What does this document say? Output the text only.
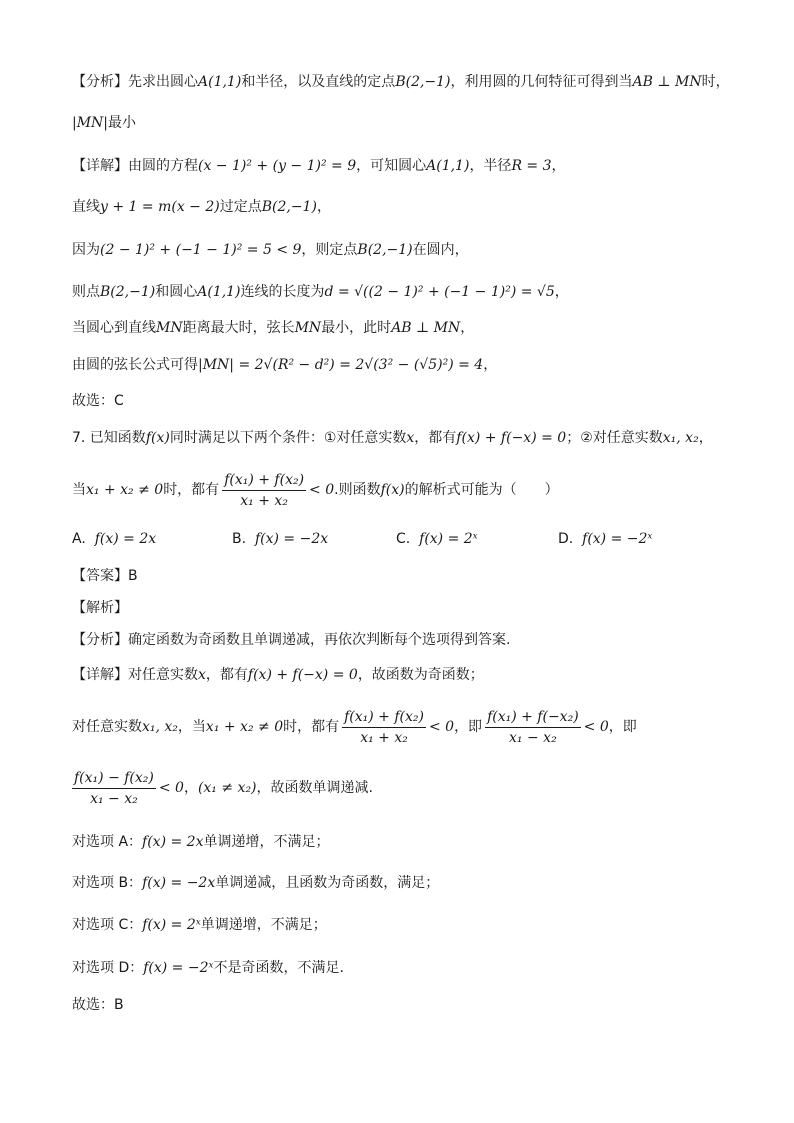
【分析】先求出圆心A(1,1)和半径，以及直线的定点B(2,−1)，利用圆的几何特征可得到当AB ⊥ MN时，
|MN|最小
【详解】由圆的方程(x − 1)² + (y − 1)² = 9，可知圆心A(1,1)，半径R = 3，
直线y + 1 = m(x − 2)过定点B(2,−1)，
因为(2 − 1)² + (−1 − 1)² = 5 < 9，则定点B(2,−1)在圆内，
则点B(2,−1)和圆心A(1,1)连线的长度为d = √((2 − 1)² + (−1 − 1)²) = √5，
当圆心到直线MN距离最大时，弦长MN最小，此时AB ⊥ MN，
由圆的弦长公式可得|MN| = 2√(R² − d²) = 2√(3² − (√5)²) = 4，
故选：C
7. 已知函数f(x)同时满足以下两个条件：①对任意实数x，都有f(x) + f(−x) = 0；②对任意实数x₁, x₂，
当x₁ + x₂ ≠ 0时，都有 $\frac{\text{f(x₁) + f(x₂)}}{\text{x₁ + x₂}} < 0$.则函数f(x)的解析式可能为（　　）
A. f(x) = 2x	B. f(x) = −2x	C. f(x) = 2ˣ	D. f(x) = −2ˣ
【答案】B
【解析】
【分析】确定函数为奇函数且单调递减，再依次判断每个选项得到答案.
【详解】对任意实数x，都有f(x) + f(−x) = 0，故函数为奇函数；
对任意实数x₁, x₂，当x₁ + x₂ ≠ 0时，都有 $\frac{\text{f(x₁) + f(x₂)}}{\text{x₁ + x₂}} < 0$，即 $\frac{\text{f(x₁) + f(−x₂)}}{\text{x₁ − x₂}} < 0$，即
$\frac{\text{f(x₁) − f(x₂)}}{\text{x₁ − x₂}} < 0$，(x₁ ≠ x₂)，故函数单调递减.
对选项 A：f(x) = 2x单调递增，不满足；
对选项 B：f(x) = −2x单调递减，且函数为奇函数，满足；
对选项 C：f(x) = 2ˣ单调递增，不满足；
对选项 D：f(x) = −2ˣ不是奇函数，不满足.
故选：B
